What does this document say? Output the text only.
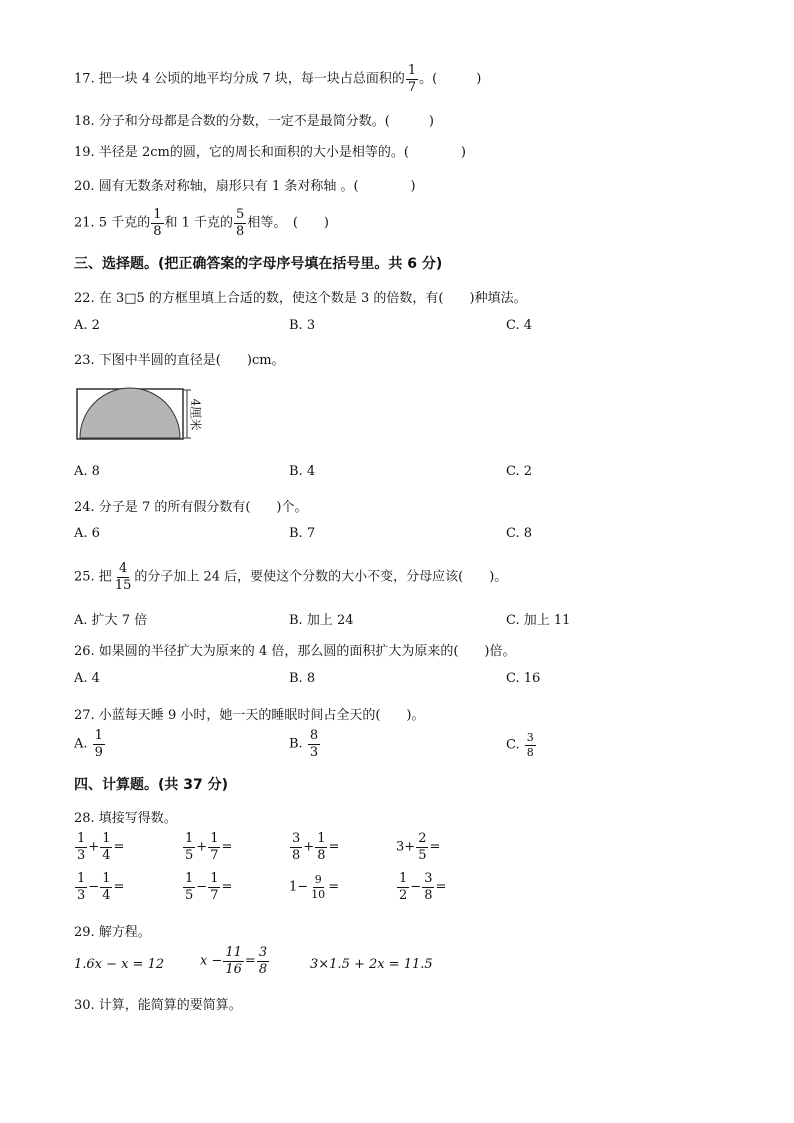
17. 把一块 4 公顷的地平均分成 7 块，每一块占总面积的 $\frac{1}{7}$ 。(　　　)
18. 分子和分母都是合数的分数，一定不是最简分数。(　　　)
19. 半径是 2cm的圆，它的周长和面积的大小是相等的。(　　　　)
20. 圆有无数条对称轴，扇形只有 1 条对称轴 。(　　　　)
21. 5 千克的 $\frac{1}{8}$ 和 1 千克的 $\frac{5}{8}$ 相等。　(　　)
三、选择题。(把正确答案的字母序号填在括号里。共 6 分)
22. 在 3□5 的方框里填上合适的数，使这个数是 3 的倍数，有(　　)种填法。
A. 2	B. 3	C. 4
23. 下图中半圆的直径是(　　)cm。
4厘米
A. 8	B. 4	C. 2
24. 分子是 7 的所有假分数有(　　)个。
A. 6	B. 7	C. 8
25. 把 $\frac{4}{15}$ 的分子加上 24 后，要使这个分数的大小不变，分母应该(　　)。
A. 扩大 7 倍	B. 加上 24	C. 加上 11
26. 如果圆的半径扩大为原来的 4 倍，那么圆的面积扩大为原来的(　　)倍。
A. 4	B. 8	C. 16
27. 小蓝每天睡 9 小时，她一天的睡眠时间占全天的(　　)。
A. $\frac{1}{9}$	B. $\frac{8}{3}$	C. $\frac{3}{8}$
四、计算题。(共 37 分)
28. 填接写得数。
$\frac{1}{3} + \frac{1}{4}$ =	$\frac{1}{5} + \frac{1}{7}$ =	$\frac{3}{8} + \frac{1}{8}$ =	$3+ \frac{2}{5}$ =
$\frac{1}{3} - \frac{1}{4}$ =	$\frac{1}{5} - \frac{1}{7}$ =	$1- \frac{9}{10}$ =	$\frac{1}{2} - \frac{3}{8}$ =
29. 解方程。
1.6x − x = 12	$x - \frac{11}{16} = \frac{3}{8}$	3×1.5 + 2x = 11.5
30. 计算，能简算的要简算。
